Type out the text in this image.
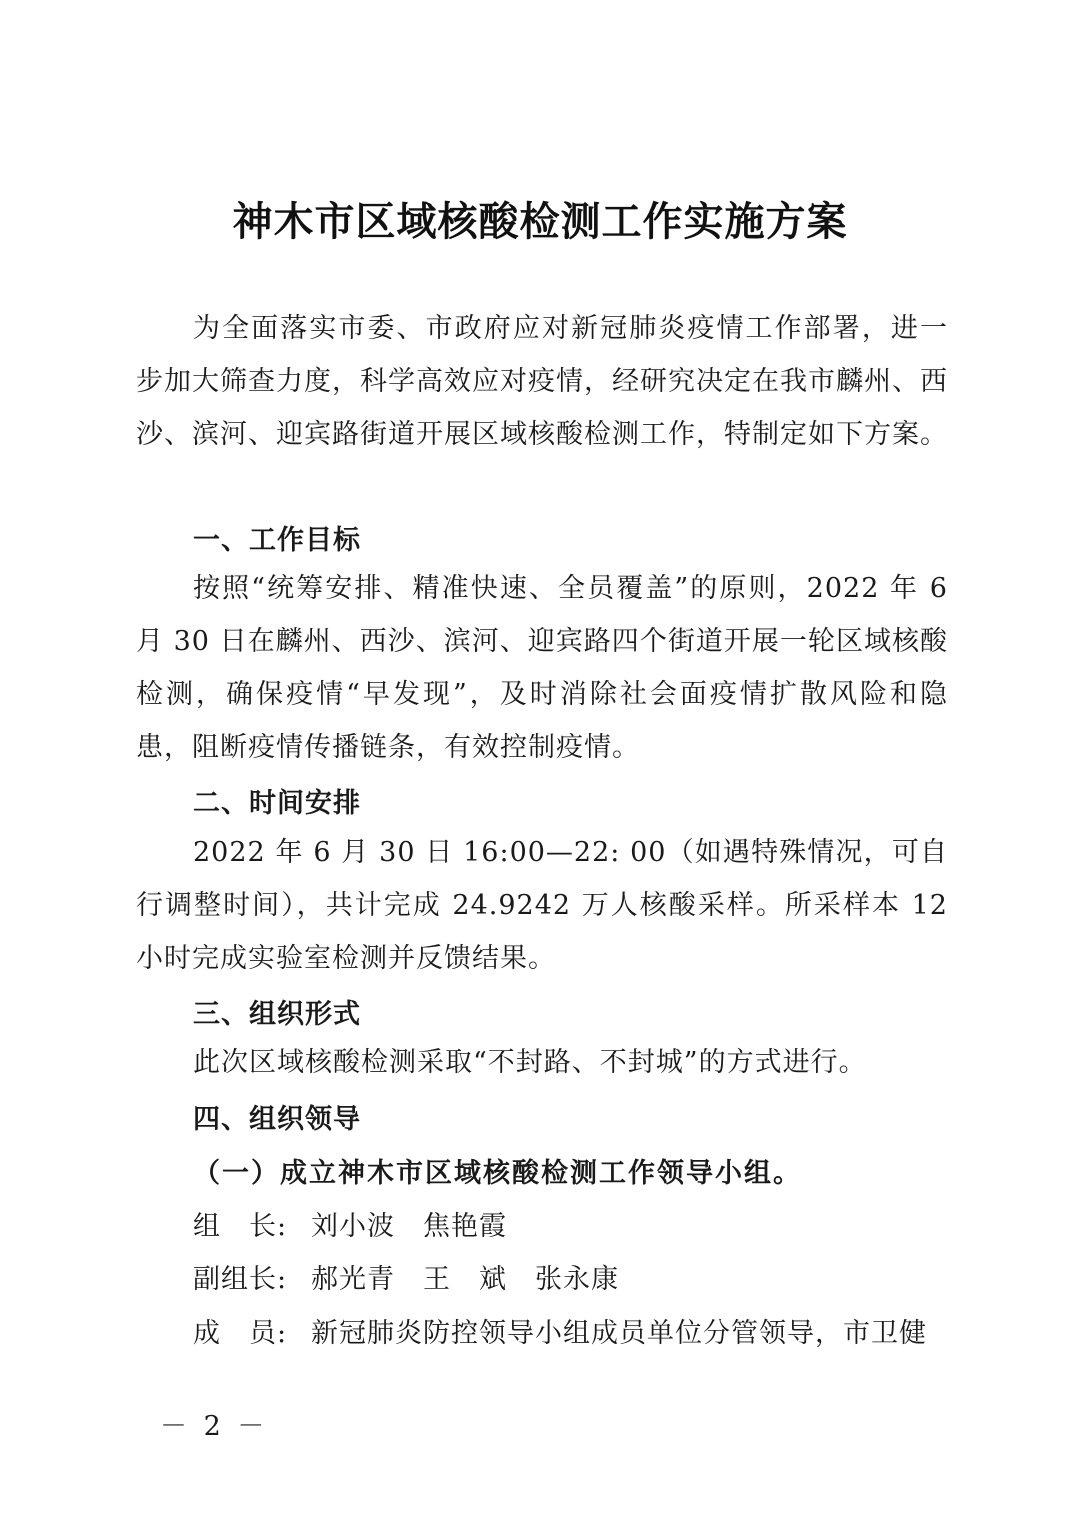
神木市区域核酸检测工作实施方案
为全面落实市委、市政府应对新冠肺炎疫情工作部署，进一步加大筛查力度，科学高效应对疫情，经研究决定在我市麟州、西沙、滨河、迎宾路街道开展区域核酸检测工作，特制定如下方案。
一、工作目标
按照“统筹安排、精准快速、全员覆盖”的原则，2022 年 6 月 30 日在麟州、西沙、滨河、迎宾路四个街道开展一轮区域核酸检测，确保疫情“早发现”，及时消除社会面疫情扩散风险和隐患，阻断疫情传播链条，有效控制疫情。
二、时间安排
2022 年 6 月 30 日 16:00—22: 00（如遇特殊情况，可自行调整时间），共计完成 24.9242 万人核酸采样。所采样本 12 小时完成实验室检测并反馈结果。
三、组织形式
此次区域核酸检测采取“不封路、不封城”的方式进行。
四、组织领导
（一）成立神木市区域核酸检测工作领导小组。
组　长: 刘小波　焦艳霞
副组长: 郝光青　王　斌　张永康
成　员: 新冠肺炎防控领导小组成员单位分管领导，市卫健
－ 2 －
